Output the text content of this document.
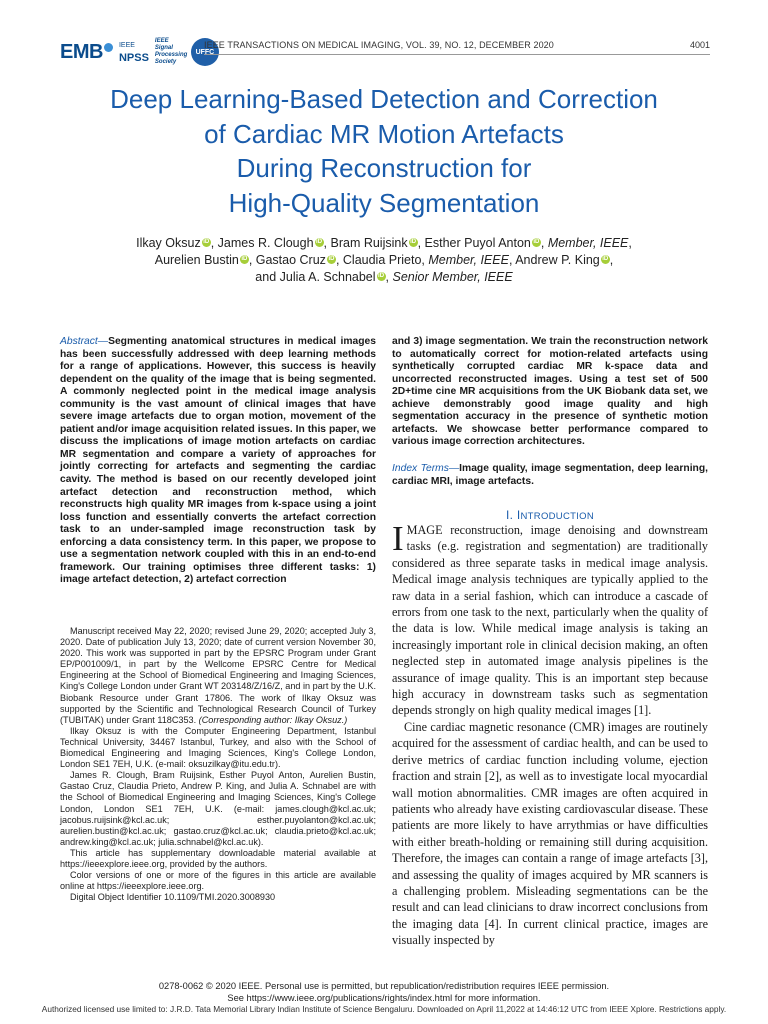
EMB	IEEE
NPSS
IEEE Signal Processing Society
UFFC
IEEE TRANSACTIONS ON MEDICAL IMAGING, VOL. 39, NO. 12, DECEMBER 2020	4001
Deep Learning-Based Detection and Correction
of Cardiac MR Motion Artefacts
During Reconstruction for
High-Quality Segmentation
Ilkay Oksuz iD , James R. Clough iD , Bram Ruijsink iD , Esther Puyol Anton iD , Member, IEEE,
Aurelien Bustin iD , Gastao Cruz iD , Claudia Prieto, Member, IEEE, Andrew P. King iD ,
and Julia A. Schnabel iD , Senior Member, IEEE
Abstract—Segmenting anatomical structures in medical images has been successfully addressed with deep learning methods for a range of applications. However, this success is heavily dependent on the quality of the image that is being segmented. A commonly neglected point in the medical image analysis community is the vast amount of clinical images that have severe image artefacts due to organ motion, movement of the patient and/or image acquisition related issues. In this paper, we discuss the implications of image motion artefacts on cardiac MR segmentation and compare a variety of approaches for jointly correcting for artefacts and segmenting the cardiac cavity. The method is based on our recently developed joint artefact detection and reconstruction method, which reconstructs high quality MR images from k-space using a joint loss function and essentially converts the artefact correction task to an under-sampled image reconstruction task by enforcing a data consistency term. In this paper, we propose to use a segmentation network coupled with this in an end-to-end framework. Our training optimises three different tasks: 1) image artefact detection, 2) artefact correction

Manuscript received May 22, 2020; revised June 29, 2020; accepted July 3, 2020. Date of publication July 13, 2020; date of current version November 30, 2020. This work was supported in part by the EPSRC Program under Grant EP/P001009/1, in part by the Wellcome EPSRC Centre for Medical Engineering at the School of Biomedical Engineering and Imaging Sciences, King's College London under Grant WT 203148/Z/16/Z, and in part by the U.K. Biobank Resource under Grant 17806. The work of Ilkay Oksuz was supported by the Scientific and Technological Research Council of Turkey (TUBITAK) under Grant 118C353. (Corresponding author: Ilkay Oksuz.)

Ilkay Oksuz is with the Computer Engineering Department, Istanbul Technical University, 34467 Istanbul, Turkey, and also with the School of Biomedical Engineering and Imaging Sciences, King's College London, London SE1 7EH, U.K. (e-mail: oksuzilkay@itu.edu.tr).

James R. Clough, Bram Ruijsink, Esther Puyol Anton, Aurelien Bustin, Gastao Cruz, Claudia Prieto, Andrew P. King, and Julia A. Schnabel are with the School of Biomedical Engineering and Imaging Sciences, King's College London, London SE1 7EH, U.K. (e-mail: james.clough@kcl.ac.uk; jacobus.ruijsink@kcl.ac.uk; esther.puyolanton@kcl.ac.uk; aurelien.bustin@kcl.ac.uk; gastao.cruz@kcl.ac.uk; claudia.prieto@kcl.ac.uk; andrew.king@kcl.ac.uk; julia.schnabel@kcl.ac.uk).

This article has supplementary downloadable material available at https://ieeexplore.ieee.org, provided by the authors.

Color versions of one or more of the figures in this article are available online at https://ieeexplore.ieee.org.

Digital Object Identifier 10.1109/TMI.2020.3008930

and 3) image segmentation. We train the reconstruction network to automatically correct for motion-related artefacts using synthetically corrupted cardiac MR k-space data and uncorrected reconstructed images. Using a test set of 500 2D+time cine MR acquisitions from the UK Biobank data set, we achieve demonstrably good image quality and high segmentation accuracy in the presence of synthetic motion artefacts. We showcase better performance compared to various image correction architectures.
Index Terms—Image quality, image segmentation, deep learning, cardiac MRI, image artefacts.
I. INTRODUCTION

IMAGE reconstruction, image denoising and downstream tasks (e.g. registration and segmentation) are traditionally considered as three separate tasks in medical image analysis. Medical image analysis techniques are typically applied to the raw data in a serial fashion, which can introduce a cascade of errors from one task to the next, particularly when the quality of the data is low. While medical image analysis is taking an increasingly important role in clinical decision making, an often neglected step in automated image analysis pipelines is the assurance of image quality. This is an important step because high accuracy in downstream tasks such as segmentation depends strongly on high quality medical images [1].

Cine cardiac magnetic resonance (CMR) images are routinely acquired for the assessment of cardiac health, and can be used to derive metrics of cardiac function including volume, ejection fraction and strain [2], as well as to investigate local myocardial wall motion abnormalities. CMR images are often acquired in patients who already have existing cardiovascular disease. These patients are more likely to have arrythmias or have difficulties with either breath-holding or remaining still during acquisition. Therefore, the images can contain a range of image artefacts [3], and assessing the quality of images acquired by MR scanners is a challenging problem. Misleading segmentations can be the result and can lead clinicians to draw incorrect conclusions from the imaging data [4]. In current clinical practice, images are visually inspected by

0278-0062 © 2020 IEEE. Personal use is permitted, but republication/redistribution requires IEEE permission.
See https://www.ieee.org/publications/rights/index.html for more information.
Authorized licensed use limited to: J.R.D. Tata Memorial Library Indian Institute of Science Bengaluru. Downloaded on April 11,2022 at 14:46:12 UTC from IEEE Xplore. Restrictions apply.
